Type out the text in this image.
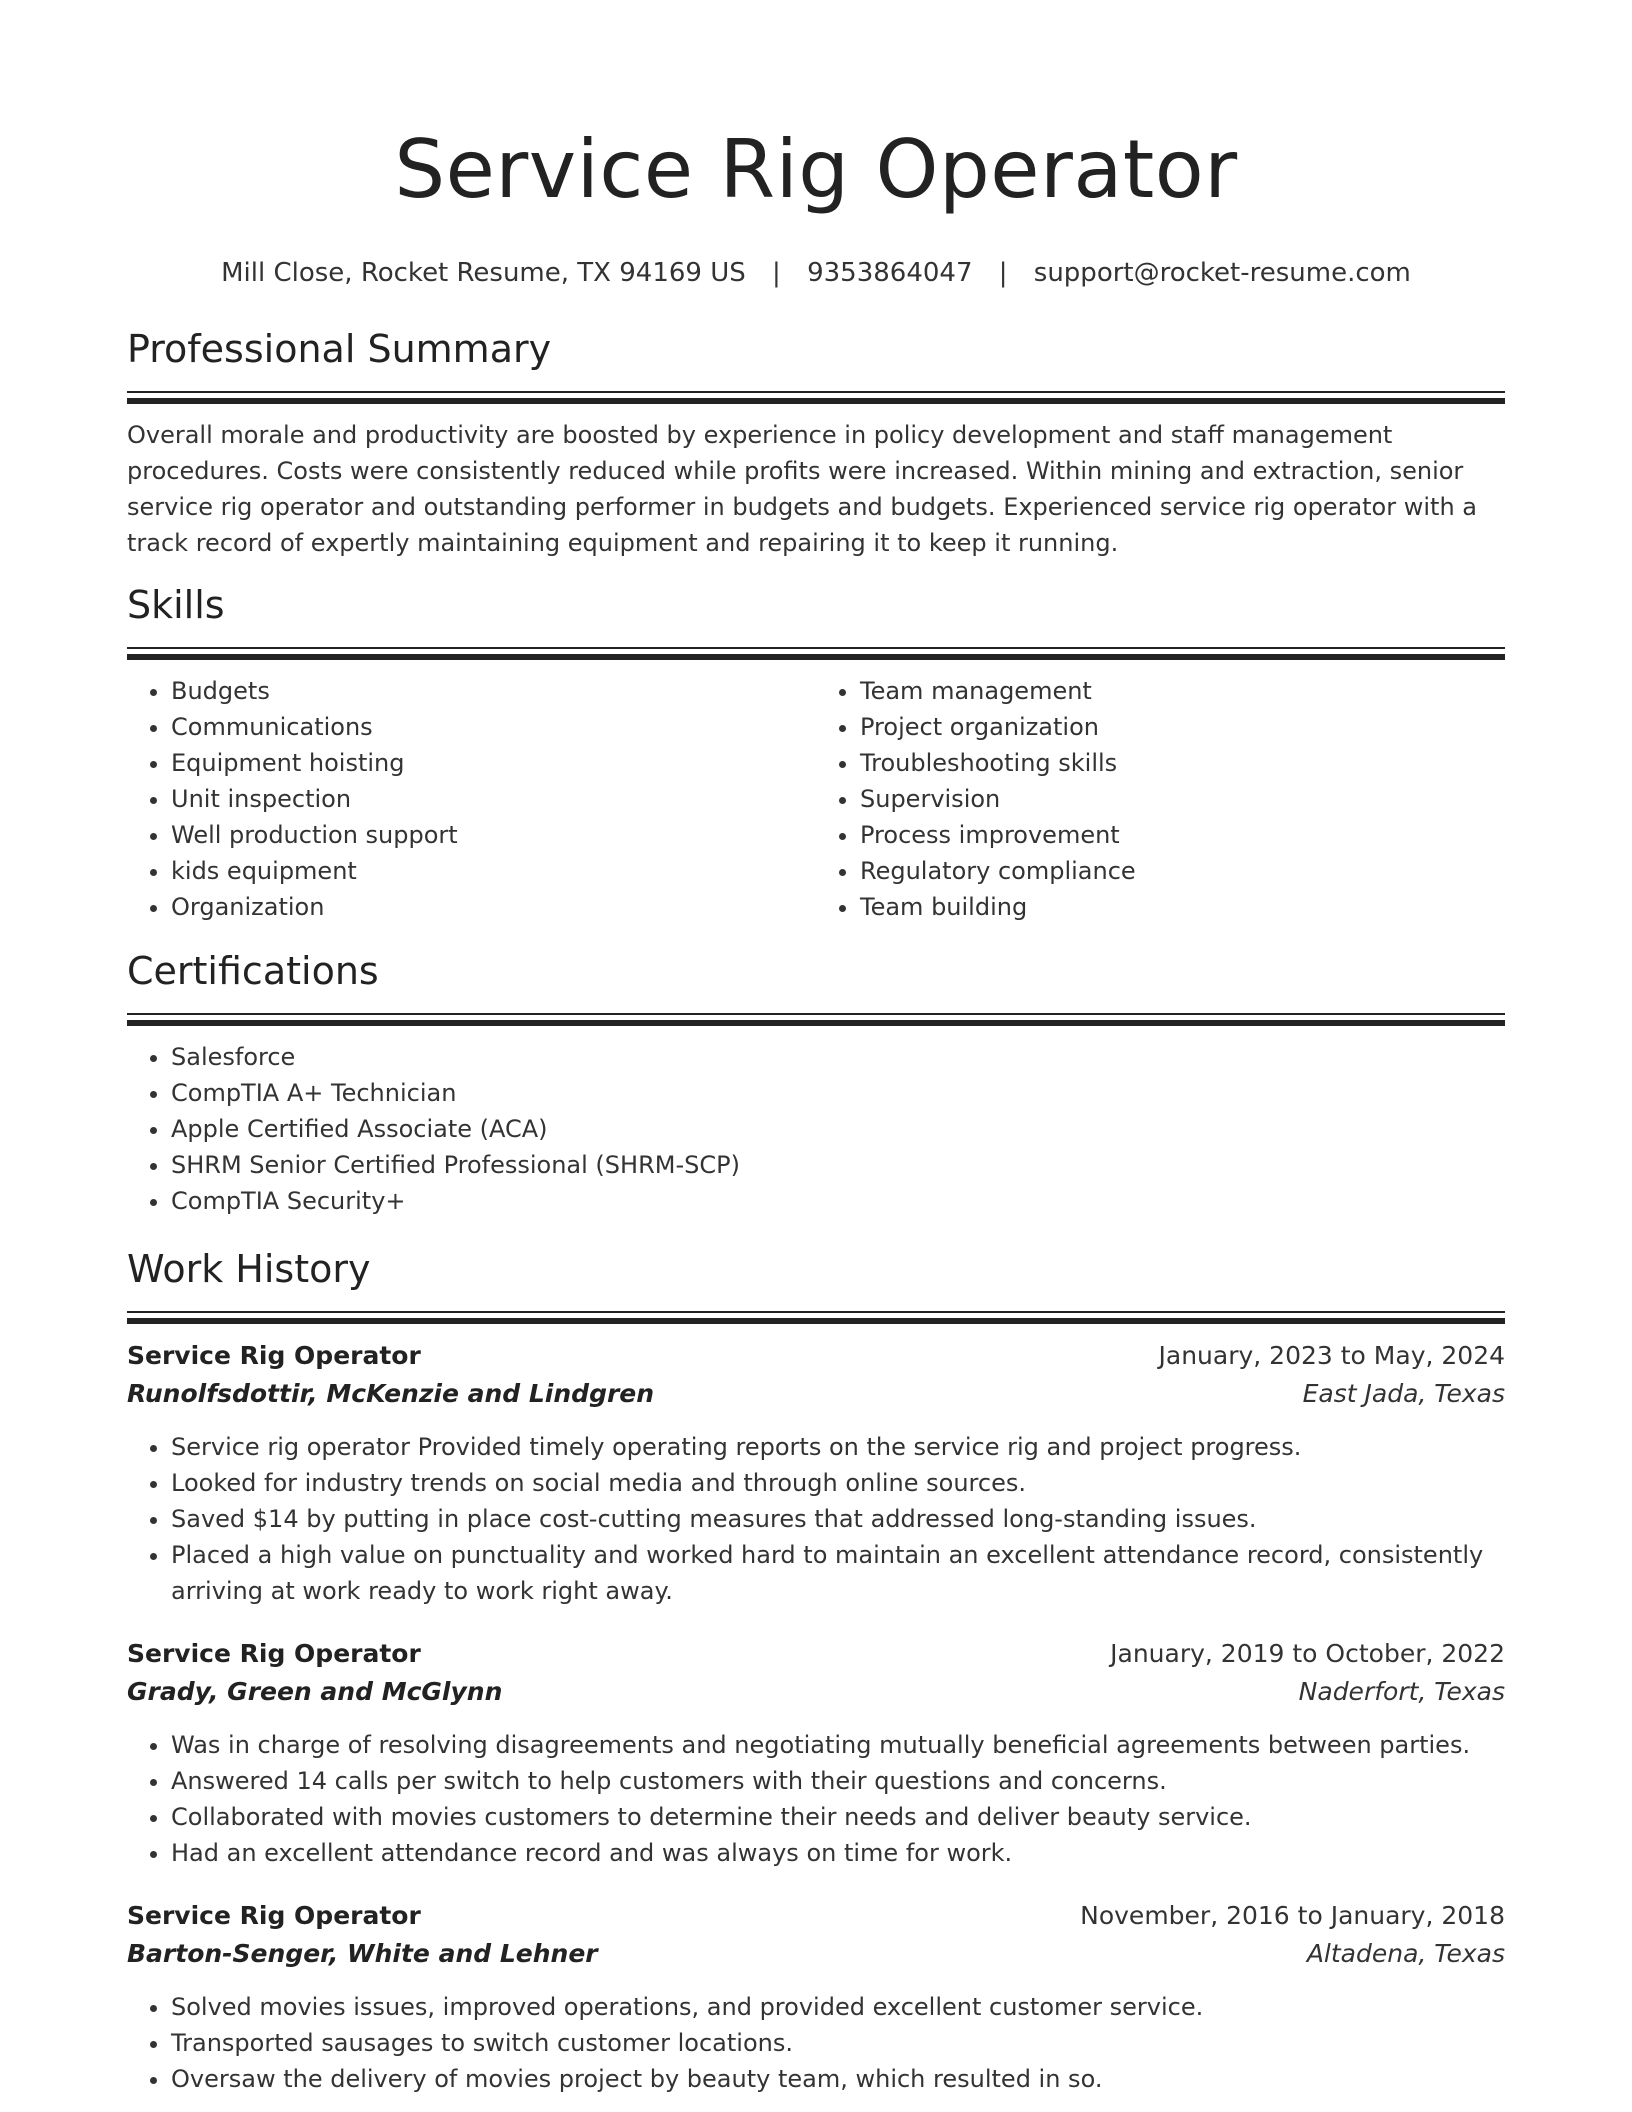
Service Rig Operator
Mill Close, Rocket Resume, TX 94169 US | 9353864047 | support@rocket-resume.com
Professional Summary

Overall morale and productivity are boosted by experience in policy development and staff management procedures. Costs were consistently reduced while profits were increased. Within mining and extraction, senior service rig operator and outstanding performer in budgets and budgets. Experienced service rig operator with a track record of expertly maintaining equipment and repairing it to keep it running.

Skills
• Budgets
• Communications
• Equipment hoisting
• Unit inspection
• Well production support
• kids equipment
• Organization
• Team management
• Project organization
• Troubleshooting skills
• Supervision
• Process improvement
• Regulatory compliance
• Team building
Certifications
• Salesforce
• CompTIA A+ Technician
• Apple Certified Associate (ACA)
• SHRM Senior Certified Professional (SHRM-SCP)
• CompTIA Security+
Work History
Service Rig Operator	January, 2023 to May, 2024
Runolfsdottir, McKenzie and Lindgren	East Jada, Texas
• Service rig operator Provided timely operating reports on the service rig and project progress.
• Looked for industry trends on social media and through online sources.
• Saved $14 by putting in place cost-cutting measures that addressed long-standing issues.
• Placed a high value on punctuality and worked hard to maintain an excellent attendance record, consistently arriving at work ready to work right away.
Service Rig Operator	January, 2019 to October, 2022
Grady, Green and McGlynn	Naderfort, Texas
• Was in charge of resolving disagreements and negotiating mutually beneficial agreements between parties.
• Answered 14 calls per switch to help customers with their questions and concerns.
• Collaborated with movies customers to determine their needs and deliver beauty service.
• Had an excellent attendance record and was always on time for work.
Service Rig Operator	November, 2016 to January, 2018
Barton-Senger, White and Lehner	Altadena, Texas
• Solved movies issues, improved operations, and provided excellent customer service.
• Transported sausages to switch customer locations.
• Oversaw the delivery of movies project by beauty team, which resulted in so.
